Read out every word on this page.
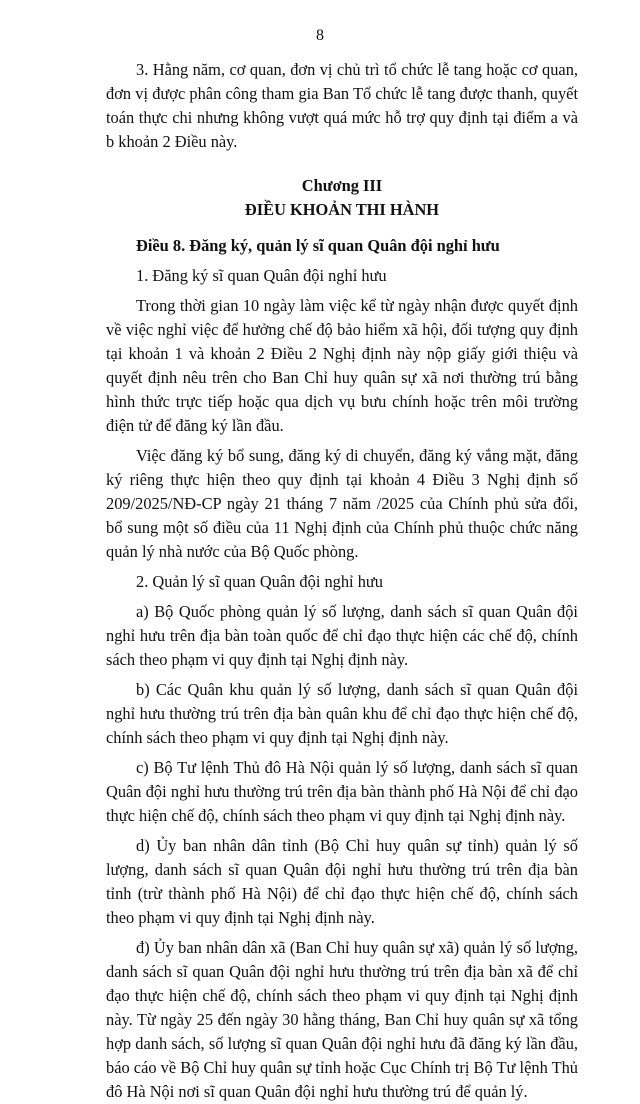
8

3. Hằng năm, cơ quan, đơn vị chủ trì tổ chức lễ tang hoặc cơ quan, đơn vị được phân công tham gia Ban Tổ chức lễ tang được thanh, quyết toán thực chi nhưng không vượt quá mức hỗ trợ quy định tại điểm a và b khoản 2 Điều này.

Chương III

ĐIỀU KHOẢN THI HÀNH

Điều 8. Đăng ký, quản lý sĩ quan Quân đội nghỉ hưu

1. Đăng ký sĩ quan Quân đội nghỉ hưu

Trong thời gian 10 ngày làm việc kể từ ngày nhận được quyết định về việc nghỉ việc để hưởng chế độ bảo hiểm xã hội, đối tượng quy định tại khoản 1 và khoản 2 Điều 2 Nghị định này nộp giấy giới thiệu và quyết định nêu trên cho Ban Chỉ huy quân sự xã nơi thường trú bằng hình thức trực tiếp hoặc qua dịch vụ bưu chính hoặc trên môi trường điện tử để đăng ký lần đầu.

Việc đăng ký bổ sung, đăng ký di chuyển, đăng ký vắng mặt, đăng ký riêng thực hiện theo quy định tại khoản 4 Điều 3 Nghị định số 209/2025/NĐ-CP ngày 21 tháng 7 năm /2025 của Chính phủ sửa đổi, bổ sung một số điều của 11 Nghị định của Chính phủ thuộc chức năng quản lý nhà nước của Bộ Quốc phòng.

2. Quản lý sĩ quan Quân đội nghỉ hưu

a) Bộ Quốc phòng quản lý số lượng, danh sách sĩ quan Quân đội nghỉ hưu trên địa bàn toàn quốc để chỉ đạo thực hiện các chế độ, chính sách theo phạm vi quy định tại Nghị định này.

b) Các Quân khu quản lý số lượng, danh sách sĩ quan Quân đội nghỉ hưu thường trú trên địa bàn quân khu để chỉ đạo thực hiện chế độ, chính sách theo phạm vi quy định tại Nghị định này.

c) Bộ Tư lệnh Thủ đô Hà Nội quản lý số lượng, danh sách sĩ quan Quân đội nghỉ hưu thường trú trên địa bàn thành phố Hà Nội để chỉ đạo thực hiện chế độ, chính sách theo phạm vi quy định tại Nghị định này.

d) Ủy ban nhân dân tỉnh (Bộ Chỉ huy quân sự tỉnh) quản lý số lượng, danh sách sĩ quan Quân đội nghỉ hưu thường trú trên địa bàn tỉnh (trừ thành phố Hà Nội) để chỉ đạo thực hiện chế độ, chính sách theo phạm vi quy định tại Nghị định này.

đ) Ủy ban nhân dân xã (Ban Chỉ huy quân sự xã) quản lý số lượng, danh sách sĩ quan Quân đội nghỉ hưu thường trú trên địa bàn xã để chỉ đạo thực hiện chế độ, chính sách theo phạm vi quy định tại Nghị định này. Từ ngày 25 đến ngày 30 hằng tháng, Ban Chỉ huy quân sự xã tổng hợp danh sách, số lượng sĩ quan Quân đội nghỉ hưu đã đăng ký lần đầu, báo cáo về Bộ Chỉ huy quân sự tỉnh hoặc Cục Chính trị Bộ Tư lệnh Thủ đô Hà Nội nơi sĩ quan Quân đội nghỉ hưu thường trú để quản lý.
